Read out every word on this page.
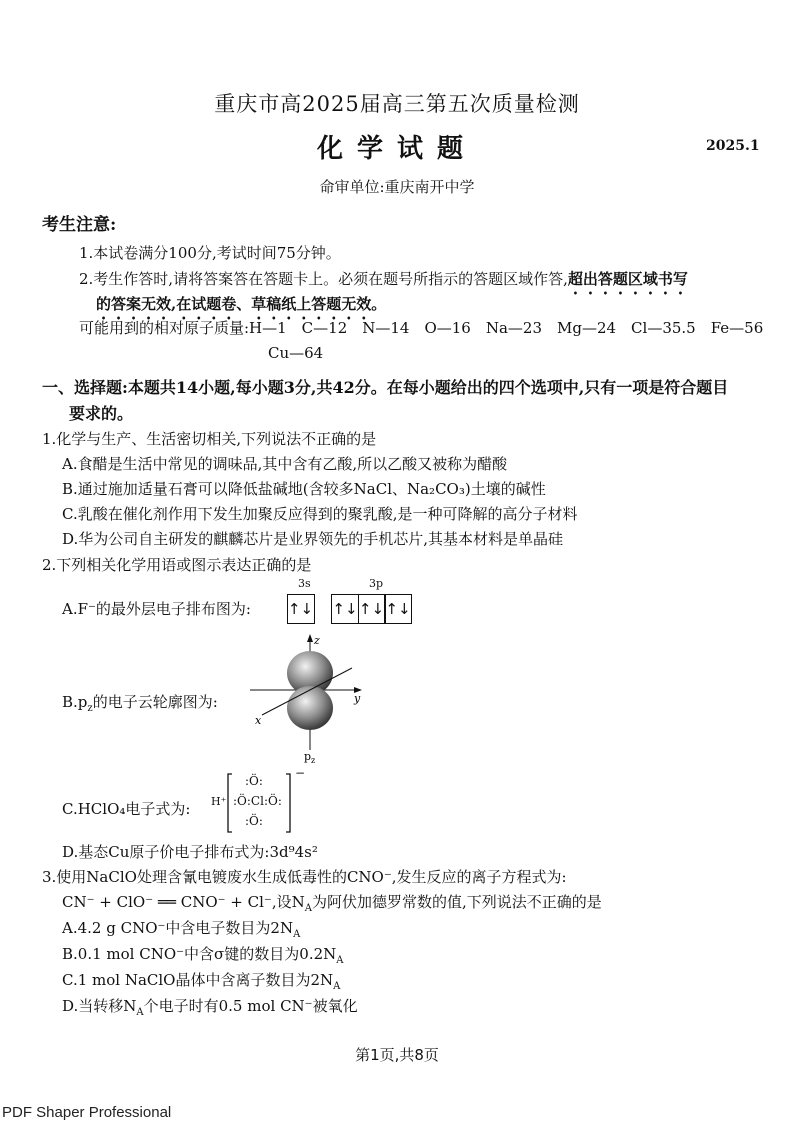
重庆市高2025届高三第五次质量检测
化学试题	2025.1
命审单位:重庆南开中学
考生注意:
1.本试卷满分100分,考试时间75分钟。
2.考生作答时,请将答案答在答题卡上。必须在题号所指示的答题区域作答,超出答题区域书写
的答案无效,在试题卷、草稿纸上答题无效。
可能用到的相对原子质量:H—1　C—12　N—14　O—16　Na—23　Mg—24　Cl—35.5　Fe—56
Cu—64
一、选择题:本题共14小题,每小题3分,共42分。在每小题给出的四个选项中,只有一项是符合题目
要求的。
1.化学与生产、生活密切相关,下列说法不正确的是
A.食醋是生活中常见的调味品,其中含有乙酸,所以乙酸又被称为醋酸
B.通过施加适量石膏可以降低盐碱地(含较多NaCl、Na₂CO₃)土壤的碱性
C.乳酸在催化剂作用下发生加聚反应得到的聚乳酸,是一种可降解的高分子材料
D.华为公司自主研发的麒麟芯片是业界领先的手机芯片,其基本材料是单晶硅
2.下列相关化学用语或图示表达正确的是
A.F⁻的最外层电子排布图为:
3s
↑↓
3p
↑↓↑↓↑↓
$B.p_z$的电子云轮廓图为:
z
y
x
$p_z$
C.HClO₄电子式为: H⁺
−
:Ö:
:Ö:Cl:Ö:
:Ö:
D.基态Cu原子价电子排布式为:3d⁹4s²
3.使用NaClO处理含氰电镀废水生成低毒性的CNO⁻,发生反应的离子方程式为:
CN⁻ + ClO⁻ ══ CNO⁻ + Cl⁻,设$N_A$为阿伏加德罗常数的值,下列说法不正确的是
A.4.2 g CNO⁻中含电子数目为$2N_A$
B.0.1 mol CNO⁻中含σ键的数目为$0.2N_A$
C.1 mol NaClO晶体中含离子数目为$2N_A$
D.当转移$N_A$个电子时有0.5 mol CN⁻被氧化
第1页,共8页
PDF Shaper Professional
